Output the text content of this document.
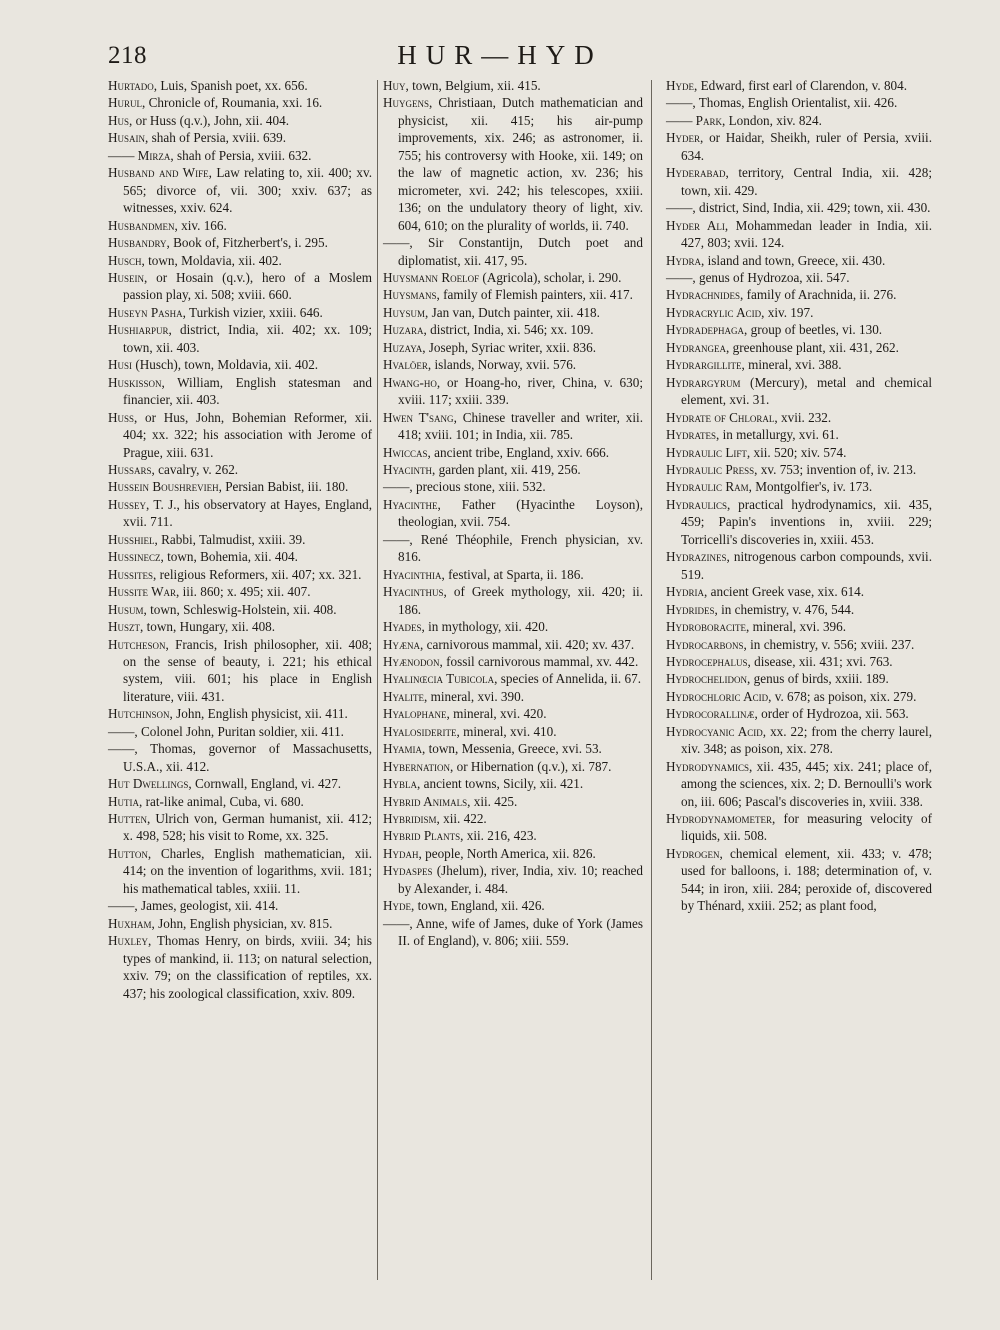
218	HUR—HYD

Hurtado, Luis, Spanish poet, xx. 656.

Hurul, Chronicle of, Roumania, xxi. 16.

Hus, or Huss (q.v.), John, xii. 404.

Husain, shah of Persia, xviii. 639.

—— Mirza, shah of Persia, xviii. 632.

Husband and Wife, Law relating to, xii. 400; xv. 565; divorce of, vii. 300; xxiv. 637; as witnesses, xxiv. 624.

Husbandmen, xiv. 166.

Husbandry, Book of, Fitzherbert's, i. 295.

Husch, town, Moldavia, xii. 402.

Husein, or Hosain (q.v.), hero of a Moslem passion play, xi. 508; xviii. 660.

Huseyn Pasha, Turkish vizier, xxiii. 646.

Hushiarpur, district, India, xii. 402; xx. 109; town, xii. 403.

Husi (Husch), town, Moldavia, xii. 402.

Huskisson, William, English statesman and financier, xii. 403.

Huss, or Hus, John, Bohemian Reformer, xii. 404; xx. 322; his association with Jerome of Prague, xiii. 631.

Hussars, cavalry, v. 262.

Hussein Boushrevieh, Persian Babist, iii. 180.

Hussey, T. J., his observatory at Hayes, England, xvii. 711.

Husshiel, Rabbi, Talmudist, xxiii. 39.

Hussinecz, town, Bohemia, xii. 404.

Hussites, religious Reformers, xii. 407; xx. 321.

Hussite War, iii. 860; x. 495; xii. 407.

Husum, town, Schleswig-Holstein, xii. 408.

Huszt, town, Hungary, xii. 408.

Hutcheson, Francis, Irish philosopher, xii. 408; on the sense of beauty, i. 221; his ethical system, viii. 601; his place in English literature, viii. 431.

Hutchinson, John, English physicist, xii. 411.

——, Colonel John, Puritan soldier, xii. 411.

——, Thomas, governor of Massachusetts, U.S.A., xii. 412.

Hut Dwellings, Cornwall, England, vi. 427.

Hutia, rat-like animal, Cuba, vi. 680.

Hutten, Ulrich von, German humanist, xii. 412; x. 498, 528; his visit to Rome, xx. 325.

Hutton, Charles, English mathematician, xii. 414; on the invention of logarithms, xvii. 181; his mathematical tables, xxiii. 11.

——, James, geologist, xii. 414.

Huxham, John, English physician, xv. 815.

Huxley, Thomas Henry, on birds, xviii. 34; his types of mankind, ii. 113; on natural selection, xxiv. 79; on the classification of reptiles, xx. 437; his zoological classification, xxiv. 809.

Huy, town, Belgium, xii. 415.

Huygens, Christiaan, Dutch mathematician and physicist, xii. 415; his air-pump improvements, xix. 246; as astronomer, ii. 755; his controversy with Hooke, xii. 149; on the law of magnetic action, xv. 236; his micrometer, xvi. 242; his telescopes, xxiii. 136; on the undulatory theory of light, xiv. 604, 610; on the plurality of worlds, ii. 740.

——, Sir Constantijn, Dutch poet and diplomatist, xii. 417, 95.

Huysmann Roelof (Agricola), scholar, i. 290.

Huysmans, family of Flemish painters, xii. 417.

Huysum, Jan van, Dutch painter, xii. 418.

Huzara, district, India, xi. 546; xx. 109.

Huzaya, Joseph, Syriac writer, xxii. 836.

Hvalöer, islands, Norway, xvii. 576.

Hwang-ho, or Hoang-ho, river, China, v. 630; xviii. 117; xxiii. 339.

Hwen T'sang, Chinese traveller and writer, xii. 418; xviii. 101; in India, xii. 785.

Hwiccas, ancient tribe, England, xxiv. 666.

Hyacinth, garden plant, xii. 419, 256.

——, precious stone, xiii. 532.

Hyacinthe, Father (Hyacinthe Loyson), theologian, xvii. 754.

——, René Théophile, French physician, xv. 816.

Hyacinthia, festival, at Sparta, ii. 186.

Hyacinthus, of Greek mythology, xii. 420; ii. 186.

Hyades, in mythology, xii. 420.

Hyæna, carnivorous mammal, xii. 420; xv. 437.

Hyænodon, fossil carnivorous mammal, xv. 442.

Hyalinœcia Tubicola, species of Annelida, ii. 67.

Hyalite, mineral, xvi. 390.

Hyalophane, mineral, xvi. 420.

Hyalosiderite, mineral, xvi. 410.

Hyamia, town, Messenia, Greece, xvi. 53.

Hybernation, or Hibernation (q.v.), xi. 787.

Hybla, ancient towns, Sicily, xii. 421.

Hybrid Animals, xii. 425.

Hybridism, xii. 422.

Hybrid Plants, xii. 216, 423.

Hydah, people, North America, xii. 826.

Hydaspes (Jhelum), river, India, xiv. 10; reached by Alexander, i. 484.

Hyde, town, England, xii. 426.

——, Anne, wife of James, duke of York (James II. of England), v. 806; xiii. 559.

Hyde, Edward, first earl of Clarendon, v. 804.

——, Thomas, English Orientalist, xii. 426.

—— Park, London, xiv. 824.

Hyder, or Haidar, Sheikh, ruler of Persia, xviii. 634.

Hyderabad, territory, Central India, xii. 428; town, xii. 429.

——, district, Sind, India, xii. 429; town, xii. 430.

Hyder Ali, Mohammedan leader in India, xii. 427, 803; xvii. 124.

Hydra, island and town, Greece, xii. 430.

——, genus of Hydrozoa, xii. 547.

Hydrachnides, family of Arachnida, ii. 276.

Hydracrylic Acid, xiv. 197.

Hydradephaga, group of beetles, vi. 130.

Hydrangea, greenhouse plant, xii. 431, 262.

Hydrargillite, mineral, xvi. 388.

Hydrargyrum (Mercury), metal and chemical element, xvi. 31.

Hydrate of Chloral, xvii. 232.

Hydrates, in metallurgy, xvi. 61.

Hydraulic Lift, xii. 520; xiv. 574.

Hydraulic Press, xv. 753; invention of, iv. 213.

Hydraulic Ram, Montgolfier's, iv. 173.

Hydraulics, practical hydrodynamics, xii. 435, 459; Papin's inventions in, xviii. 229; Torricelli's discoveries in, xxiii. 453.

Hydrazines, nitrogenous carbon compounds, xvii. 519.

Hydria, ancient Greek vase, xix. 614.

Hydrides, in chemistry, v. 476, 544.

Hydroboracite, mineral, xvi. 396.

Hydrocarbons, in chemistry, v. 556; xviii. 237.

Hydrocephalus, disease, xii. 431; xvi. 763.

Hydrochelidon, genus of birds, xxiii. 189.

Hydrochloric Acid, v. 678; as poison, xix. 279.

Hydrocorallinæ, order of Hydrozoa, xii. 563.

Hydrocyanic Acid, xx. 22; from the cherry laurel, xiv. 348; as poison, xix. 278.

Hydrodynamics, xii. 435, 445; xix. 241; place of, among the sciences, xix. 2; D. Bernoulli's work on, iii. 606; Pascal's discoveries in, xviii. 338.

Hydrodynamometer, for measuring velocity of liquids, xii. 508.

Hydrogen, chemical element, xii. 433; v. 478; used for balloons, i. 188; determination of, v. 544; in iron, xiii. 284; peroxide of, discovered by Thénard, xxiii. 252; as plant food,
